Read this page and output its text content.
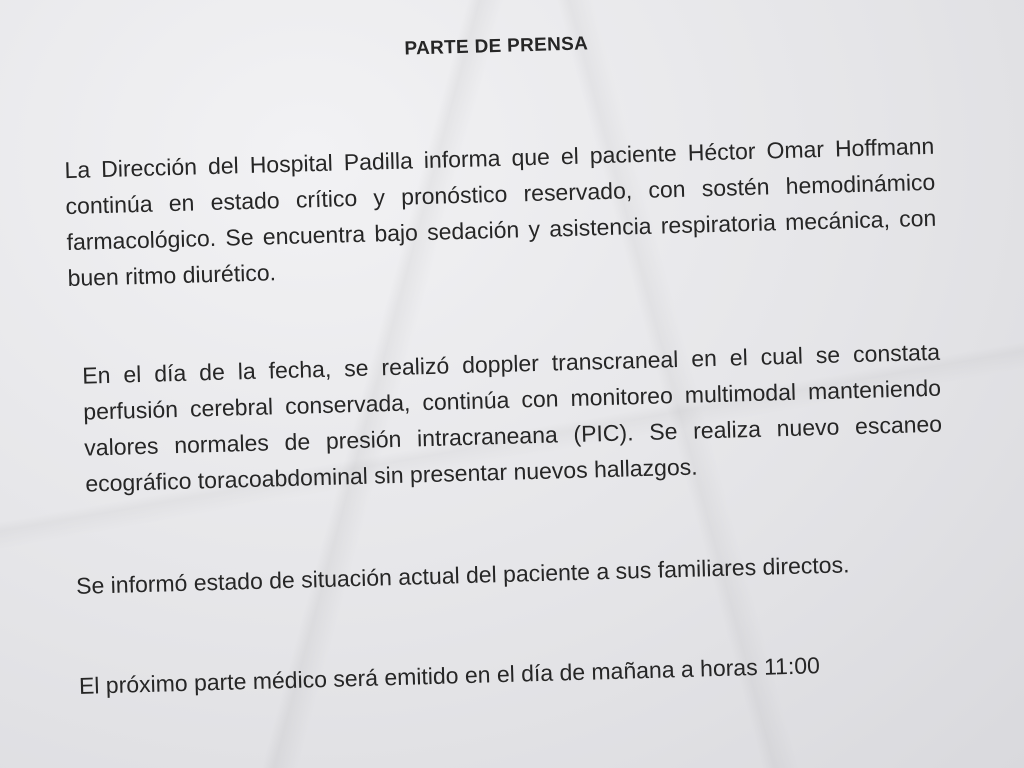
PARTE DE PRENSA

La Dirección del Hospital Padilla informa que el paciente Héctor Omar Hoffmann continúa en estado crítico y pronóstico reservado, con sostén hemodinámico farmacológico. Se encuentra bajo sedación y asistencia respiratoria mecánica, con buen ritmo diurético.

En el día de la fecha, se realizó doppler transcraneal en el cual se constata perfusión cerebral conservada, continúa con monitoreo multimodal manteniendo valores normales de presión intracraneana (PIC). Se realiza nuevo escaneo ecográfico toracoabdominal sin presentar nuevos hallazgos.

Se informó estado de situación actual del paciente a sus familiares directos.

El próximo parte médico será emitido en el día de mañana a horas 11:00
